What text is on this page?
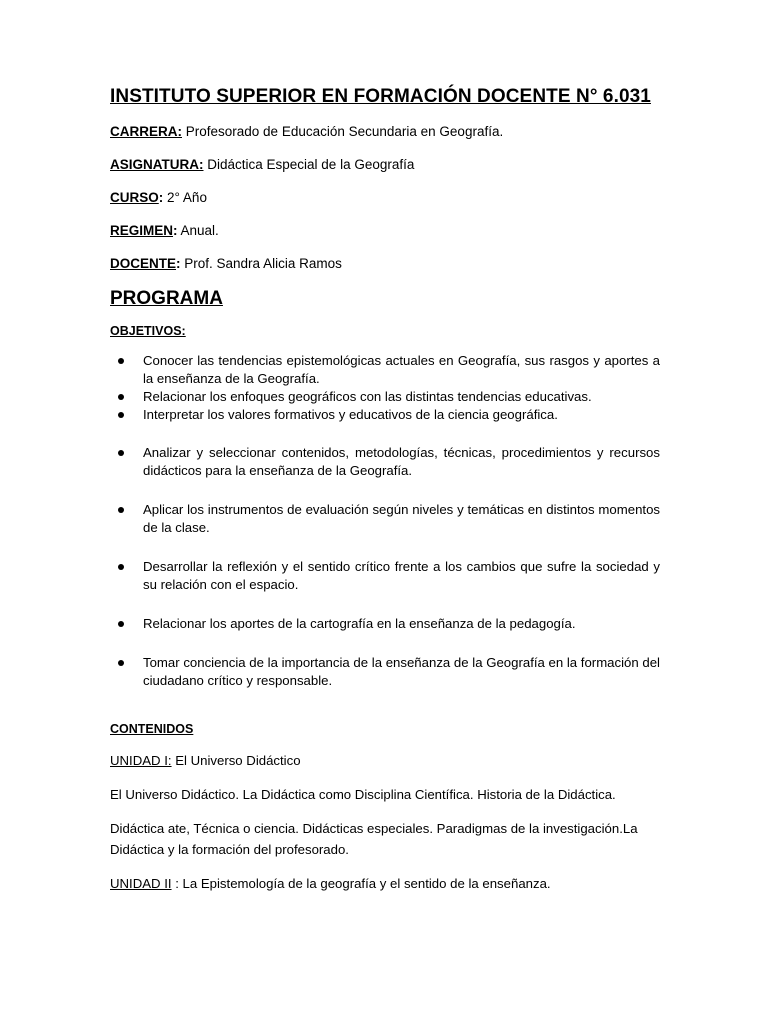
INSTITUTO SUPERIOR EN FORMACIÓN DOCENTE N° 6.031
CARRERA: Profesorado de Educación Secundaria en Geografía.
ASIGNATURA: Didáctica Especial de la Geografía
CURSO: 2° Año
REGIMEN: Anual.
DOCENTE: Prof. Sandra Alicia Ramos
PROGRAMA
OBJETIVOS:
Conocer las tendencias epistemológicas actuales en Geografía, sus rasgos y aportes a la enseñanza de la Geografía.
Relacionar los enfoques geográficos con las distintas tendencias educativas.
Interpretar los valores formativos y educativos de la ciencia geográfica.
Analizar y seleccionar contenidos, metodologías, técnicas, procedimientos y recursos didácticos para la enseñanza de la Geografía.
Aplicar los instrumentos de evaluación según niveles y temáticas en distintos momentos de la clase.
Desarrollar la reflexión y el sentido crítico frente a los cambios que sufre la sociedad y su relación con el espacio.
Relacionar los aportes de la cartografía en la enseñanza de la pedagogía.
Tomar conciencia de la importancia de la enseñanza de la Geografía en la formación del ciudadano crítico y responsable.
CONTENIDOS
UNIDAD I: El Universo Didáctico
El Universo Didáctico. La Didáctica como Disciplina Científica. Historia de la Didáctica.
Didáctica ate, Técnica o ciencia. Didácticas especiales. Paradigmas de la investigación.La Didáctica y la formación del profesorado.
UNIDAD II : La Epistemología de la geografía y el sentido de la enseñanza.
